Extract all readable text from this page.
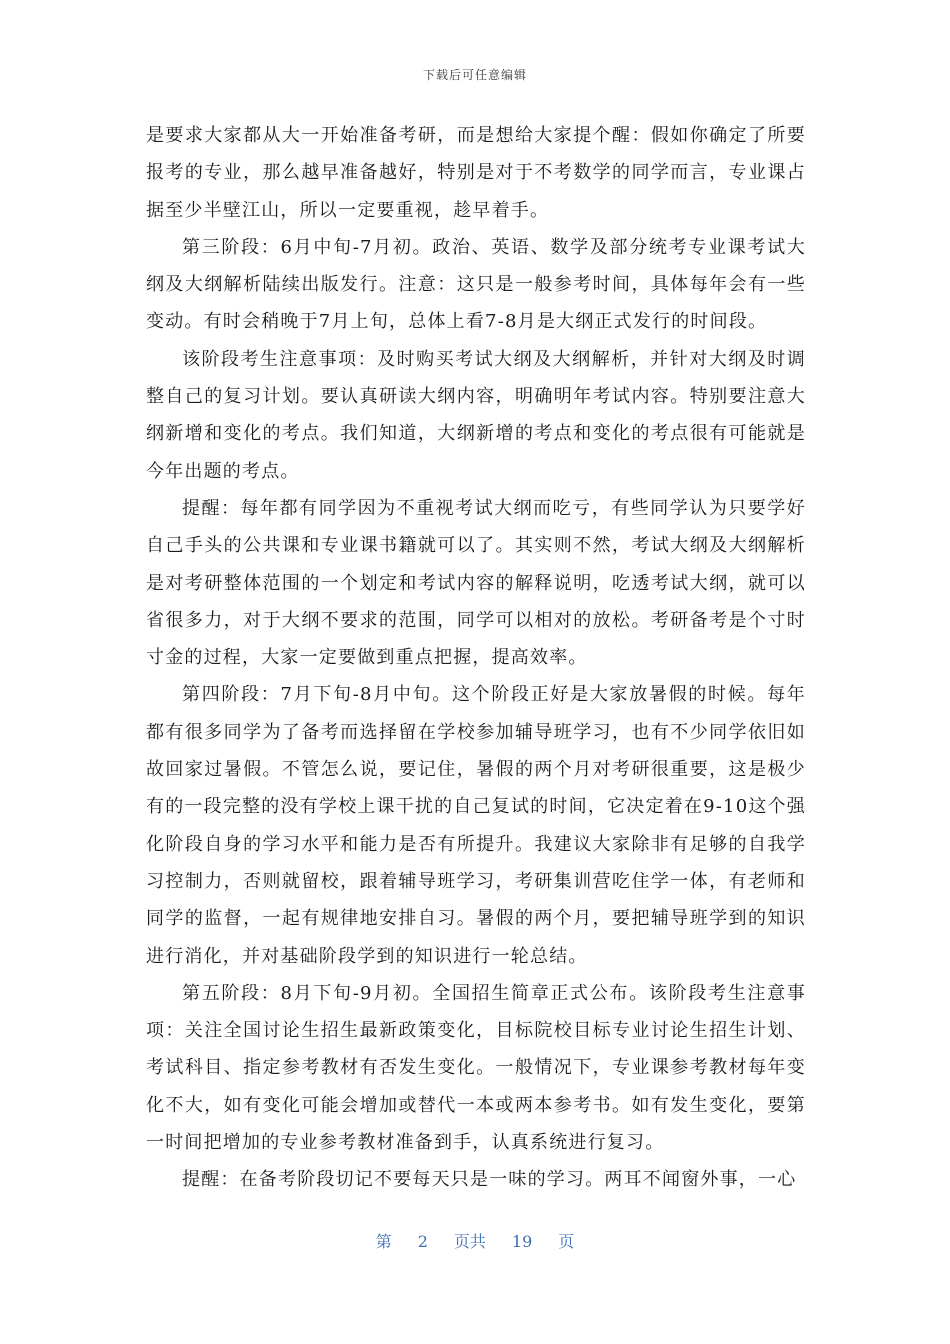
下载后可任意编辑

是要求大家都从大一开始准备考研，而是想给大家提个醒：假如你确定了所要报考的专业，那么越早准备越好，特别是对于不考数学的同学而言，专业课占据至少半壁江山，所以一定要重视，趁早着手。

第三阶段：6月中旬-7月初。政治、英语、数学及部分统考专业课考试大纲及大纲解析陆续出版发行。注意：这只是一般参考时间，具体每年会有一些变动。有时会稍晚于7月上旬，总体上看7-8月是大纲正式发行的时间段。

该阶段考生注意事项：及时购买考试大纲及大纲解析，并针对大纲及时调整自己的复习计划。要认真研读大纲内容，明确明年考试内容。特别要注意大纲新增和变化的考点。我们知道，大纲新增的考点和变化的考点很有可能就是今年出题的考点。

提醒：每年都有同学因为不重视考试大纲而吃亏，有些同学认为只要学好自己手头的公共课和专业课书籍就可以了。其实则不然，考试大纲及大纲解析是对考研整体范围的一个划定和考试内容的解释说明，吃透考试大纲，就可以省很多力，对于大纲不要求的范围，同学可以相对的放松。考研备考是个寸时寸金的过程，大家一定要做到重点把握，提高效率。

第四阶段：7月下旬-8月中旬。这个阶段正好是大家放暑假的时候。每年都有很多同学为了备考而选择留在学校参加辅导班学习，也有不少同学依旧如故回家过暑假。不管怎么说，要记住，暑假的两个月对考研很重要，这是极少有的一段完整的没有学校上课干扰的自己复试的时间，它决定着在9-10这个强化阶段自身的学习水平和能力是否有所提升。我建议大家除非有足够的自我学习控制力，否则就留校，跟着辅导班学习，考研集训营吃住学一体，有老师和同学的监督，一起有规律地安排自习。暑假的两个月，要把辅导班学到的知识进行消化，并对基础阶段学到的知识进行一轮总结。

第五阶段：8月下旬-9月初。全国招生简章正式公布。该阶段考生注意事项：关注全国讨论生招生最新政策变化，目标院校目标专业讨论生招生计划、考试科目、指定参考教材有否发生变化。一般情况下，专业课参考教材每年变化不大，如有变化可能会增加或替代一本或两本参考书。如有发生变化，要第一时间把增加的专业参考教材准备到手，认真系统进行复习。

提醒：在备考阶段切记不要每天只是一味的学习。两耳不闻窗外事，一心

第 2 页共 19 页
